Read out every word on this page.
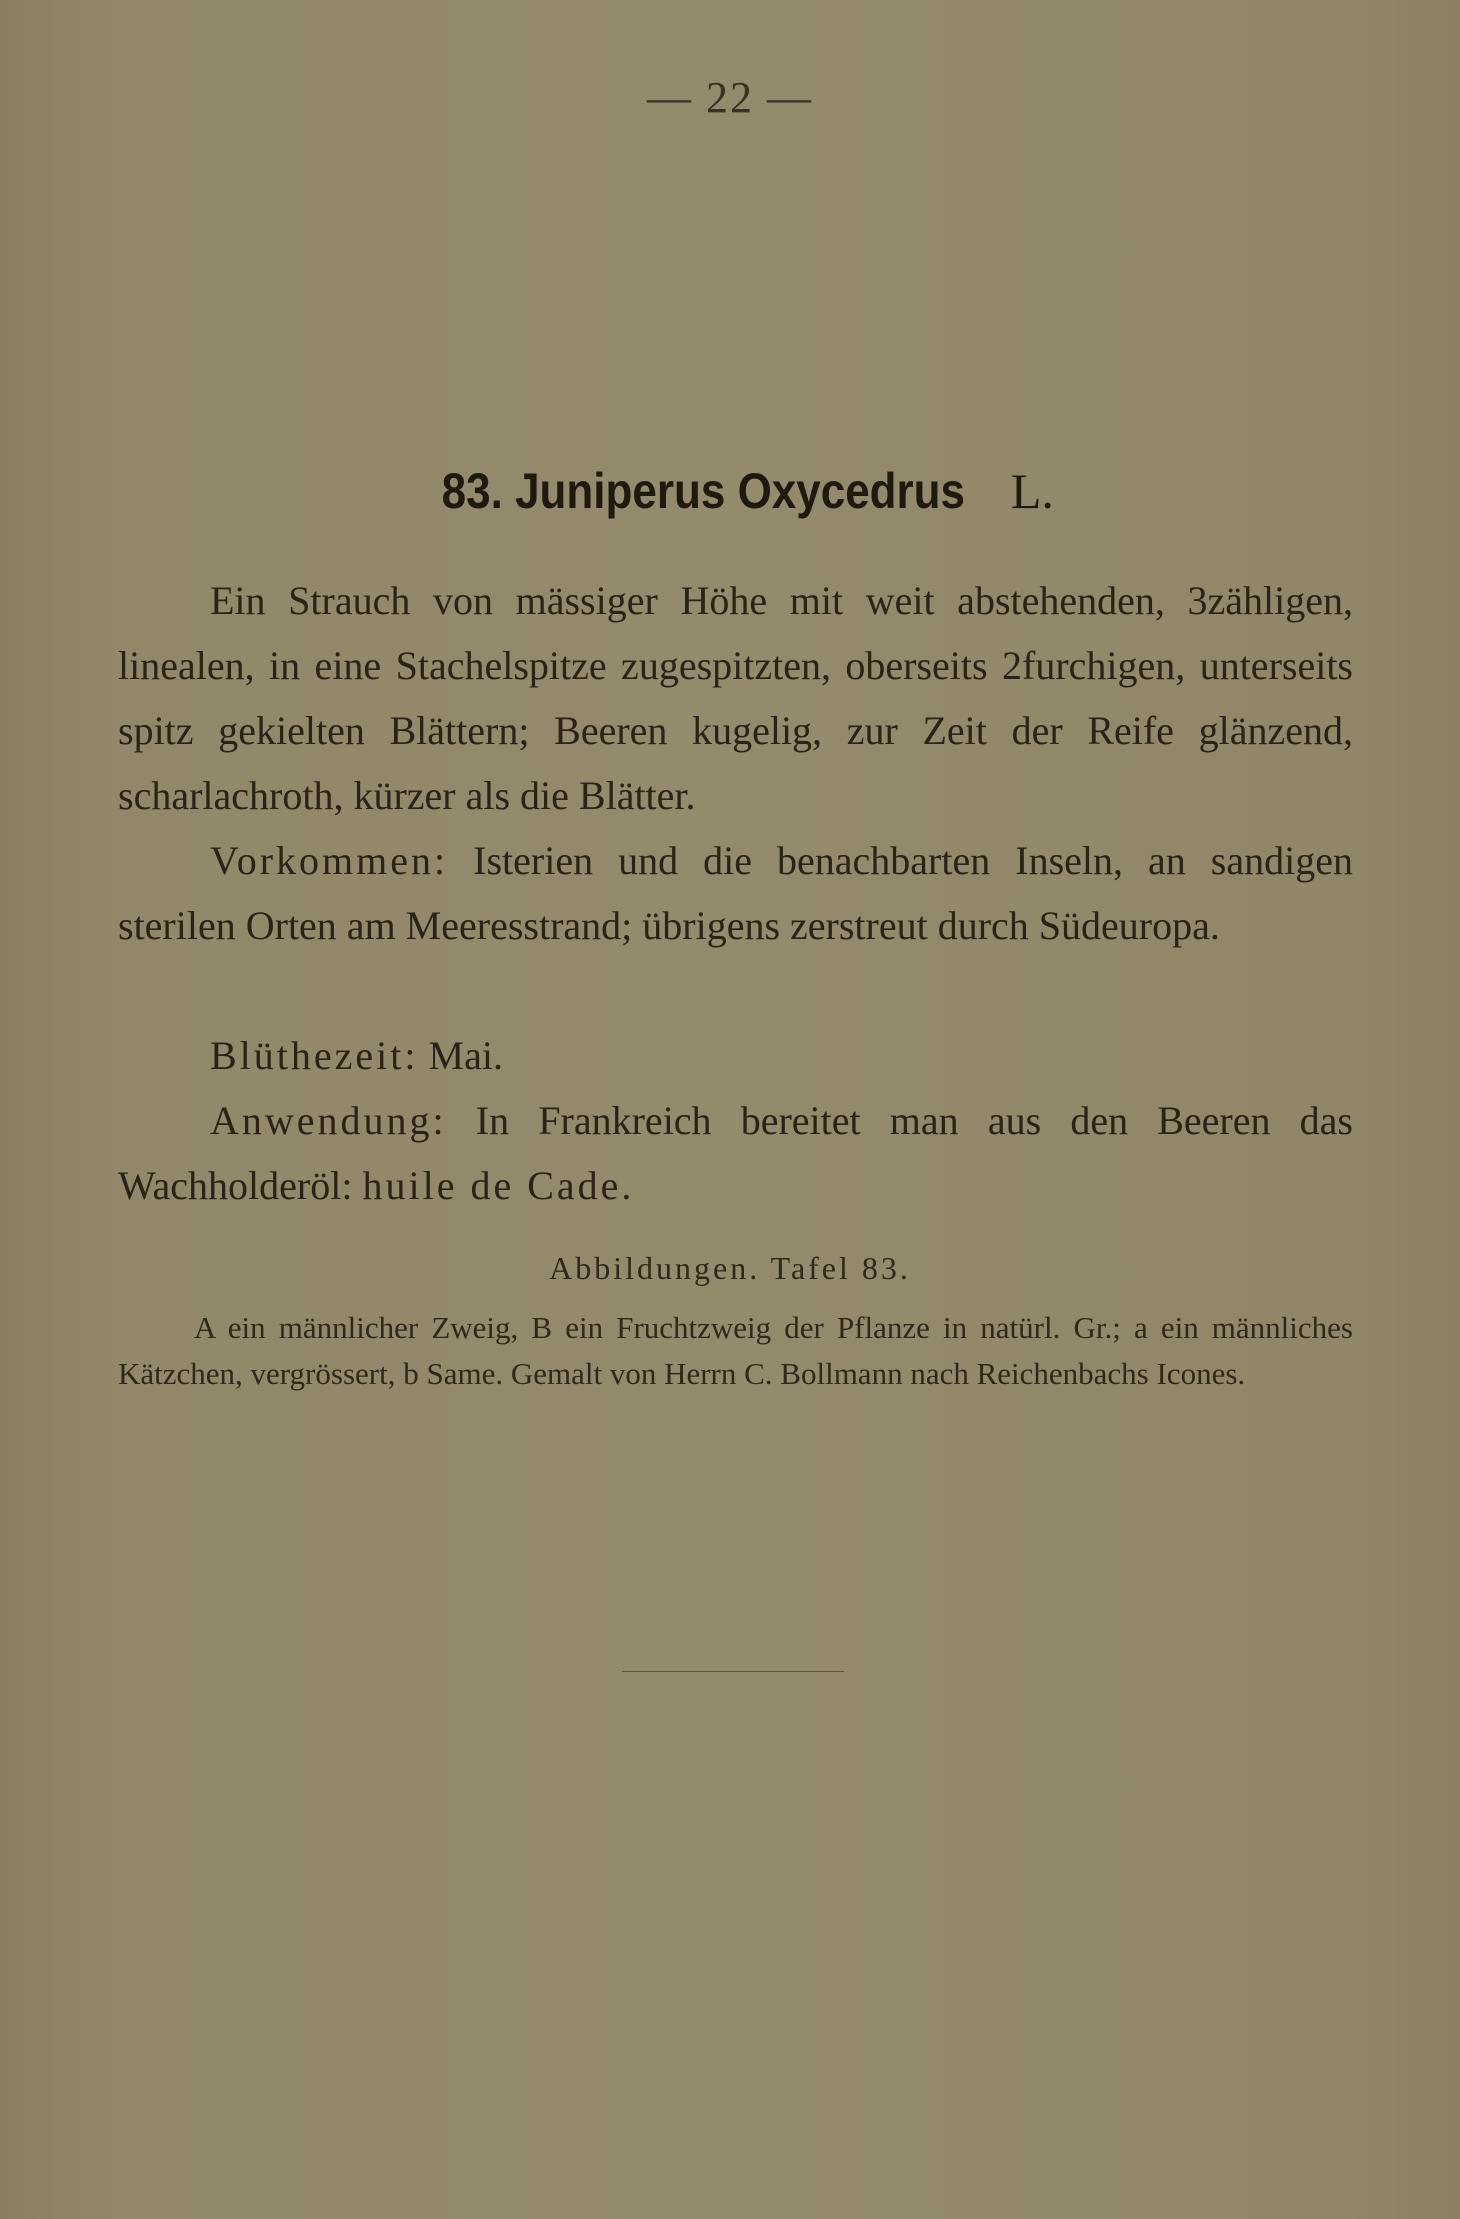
— 22 —
83. Juniperus Oxycedrus L.

Ein Strauch von mässiger Höhe mit weit abstehenden, 3zähligen, linealen, in eine Stachelspitze zugespitzten, oberseits 2furchigen, unterseits spitz gekielten Blättern; Beeren kugelig, zur Zeit der Reife glänzend, scharlachroth, kürzer als die Blätter.

Vorkommen: Isterien und die benachbarten Inseln, an sandigen sterilen Orten am Meeresstrand; übrigens zerstreut durch Südeuropa.

Blüthezeit: Mai.

Anwendung: In Frankreich bereitet man aus den Beeren das Wachholderöl: huile de Cade.

Abbildungen. Tafel 83.

A ein männlicher Zweig, B ein Fruchtzweig der Pflanze in natürl. Gr.; a ein männliches Kätzchen, vergrössert, b Same. Gemalt von Herrn C. Bollmann nach Reichenbachs Icones.
